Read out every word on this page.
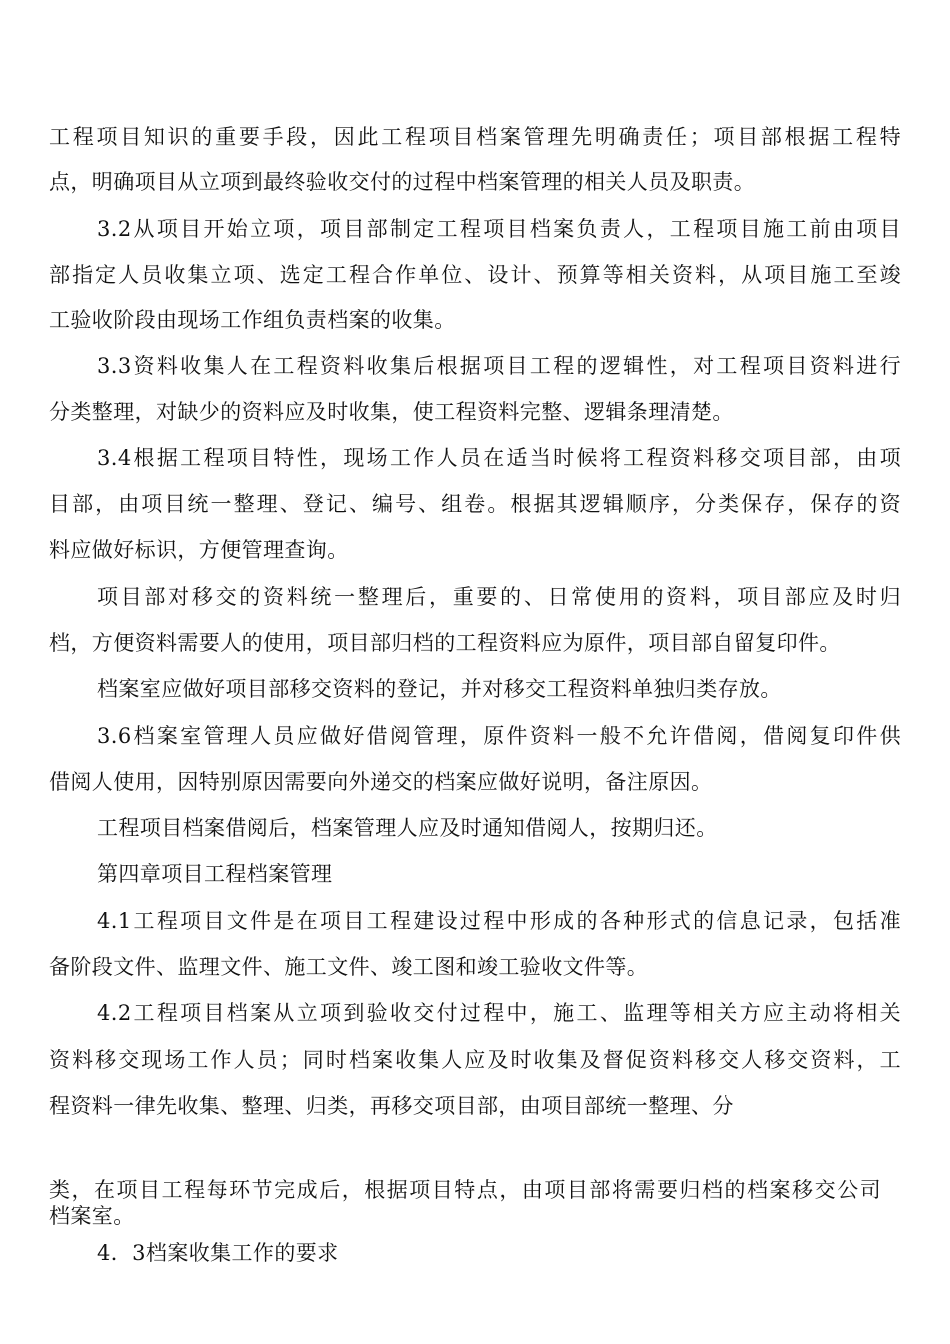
工程项目知识的重要手段，因此工程项目档案管理先明确责任；项目部根据工程特
点，明确项目从立项到最终验收交付的过程中档案管理的相关人员及职责。
3.2从项目开始立项，项目部制定工程项目档案负责人，工程项目施工前由项目
部指定人员收集立项、选定工程合作单位、设计、预算等相关资料，从项目施工至竣
工验收阶段由现场工作组负责档案的收集。
3.3资料收集人在工程资料收集后根据项目工程的逻辑性，对工程项目资料进行
分类整理，对缺少的资料应及时收集，使工程资料完整、逻辑条理清楚。
3.4根据工程项目特性，现场工作人员在适当时候将工程资料移交项目部，由项
目部，由项目统一整理、登记、编号、组卷。根据其逻辑顺序，分类保存，保存的资
料应做好标识，方便管理查询。
项目部对移交的资料统一整理后，重要的、日常使用的资料，项目部应及时归
档，方便资料需要人的使用，项目部归档的工程资料应为原件，项目部自留复印件。
档案室应做好项目部移交资料的登记，并对移交工程资料单独归类存放。
3.6档案室管理人员应做好借阅管理，原件资料一般不允许借阅，借阅复印件供
借阅人使用，因特别原因需要向外递交的档案应做好说明，备注原因。
工程项目档案借阅后，档案管理人应及时通知借阅人，按期归还。
第四章项目工程档案管理
4.1工程项目文件是在项目工程建设过程中形成的各种形式的信息记录，包括准
备阶段文件、监理文件、施工文件、竣工图和竣工验收文件等。
4.2工程项目档案从立项到验收交付过程中，施工、监理等相关方应主动将相关
资料移交现场工作人员；同时档案收集人应及时收集及督促资料移交人移交资料，工
程资料一律先收集、整理、归类，再移交项目部，由项目部统一整理、分
类，在项目工程每环节完成后，根据项目特点，由项目部将需要归档的档案移交公司
档案室。
4．3档案收集工作的要求
